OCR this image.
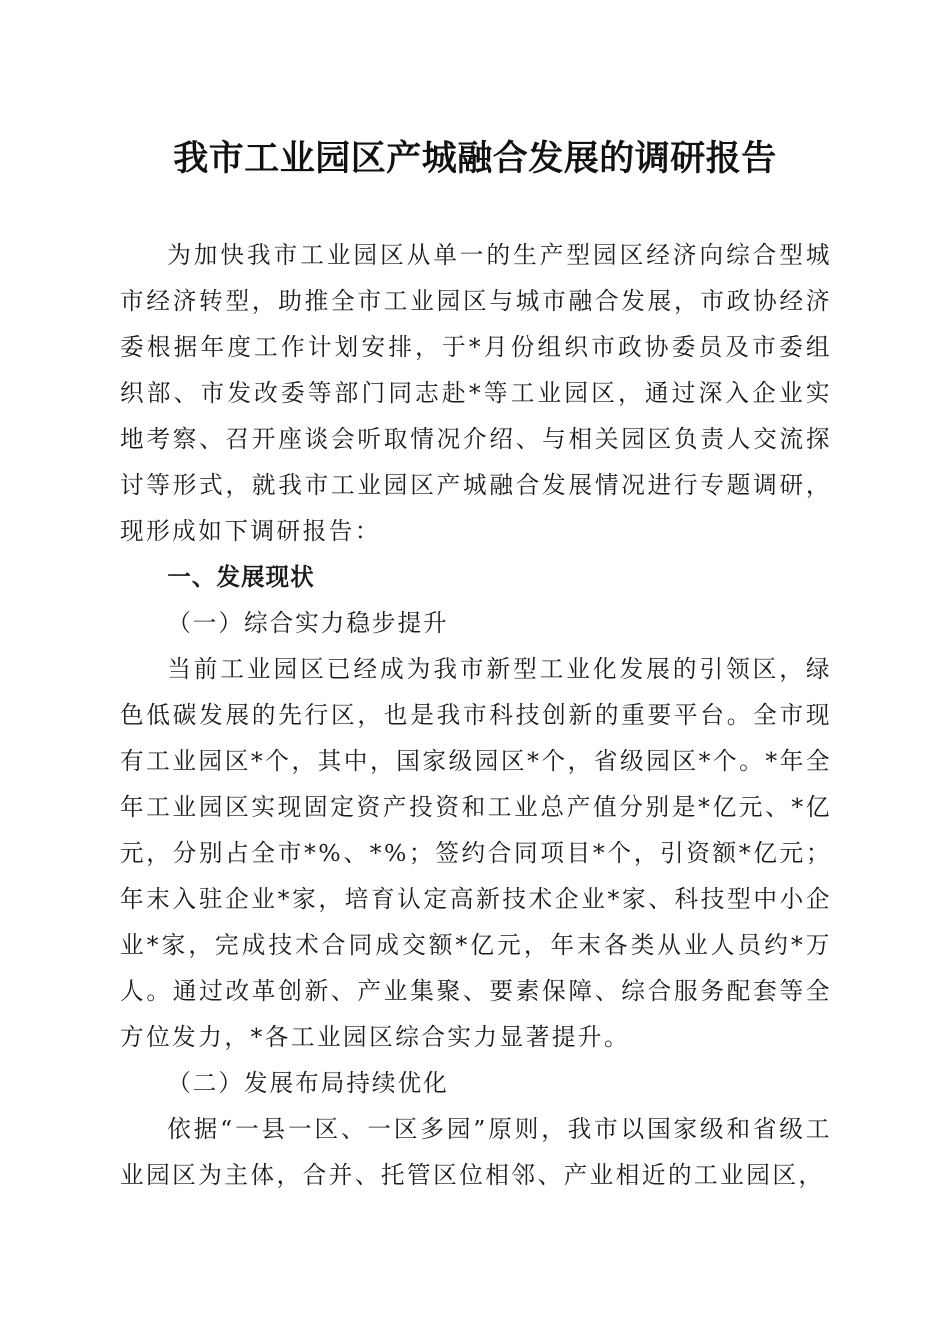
我市工业园区产城融合发展的调研报告

为加快我市工业园区从单一的生产型园区经济向综合型城市经济转型，助推全市工业园区与城市融合发展，市政协经济委根据年度工作计划安排，于*月份组织市政协委员及市委组织部、市发改委等部门同志赴*等工业园区，通过深入企业实地考察、召开座谈会听取情况介绍、与相关园区负责人交流探讨等形式，就我市工业园区产城融合发展情况进行专题调研，现形成如下调研报告：

一、发展现状

（一）综合实力稳步提升

当前工业园区已经成为我市新型工业化发展的引领区，绿色低碳发展的先行区，也是我市科技创新的重要平台。全市现有工业园区*个，其中，国家级园区*个，省级园区*个。*年全年工业园区实现固定资产投资和工业总产值分别是*亿元、*亿元，分别占全市*%、*%；签约合同项目*个，引资额*亿元；年末入驻企业*家，培育认定高新技术企业*家、科技型中小企业*家，完成技术合同成交额*亿元，年末各类从业人员约*万人。通过改革创新、产业集聚、要素保障、综合服务配套等全方位发力，*各工业园区综合实力显著提升。

（二）发展布局持续优化

依据“一县一区、一区多园”原则，我市以国家级和省级工业园区为主体，合并、托管区位相邻、产业相近的工业园区，
